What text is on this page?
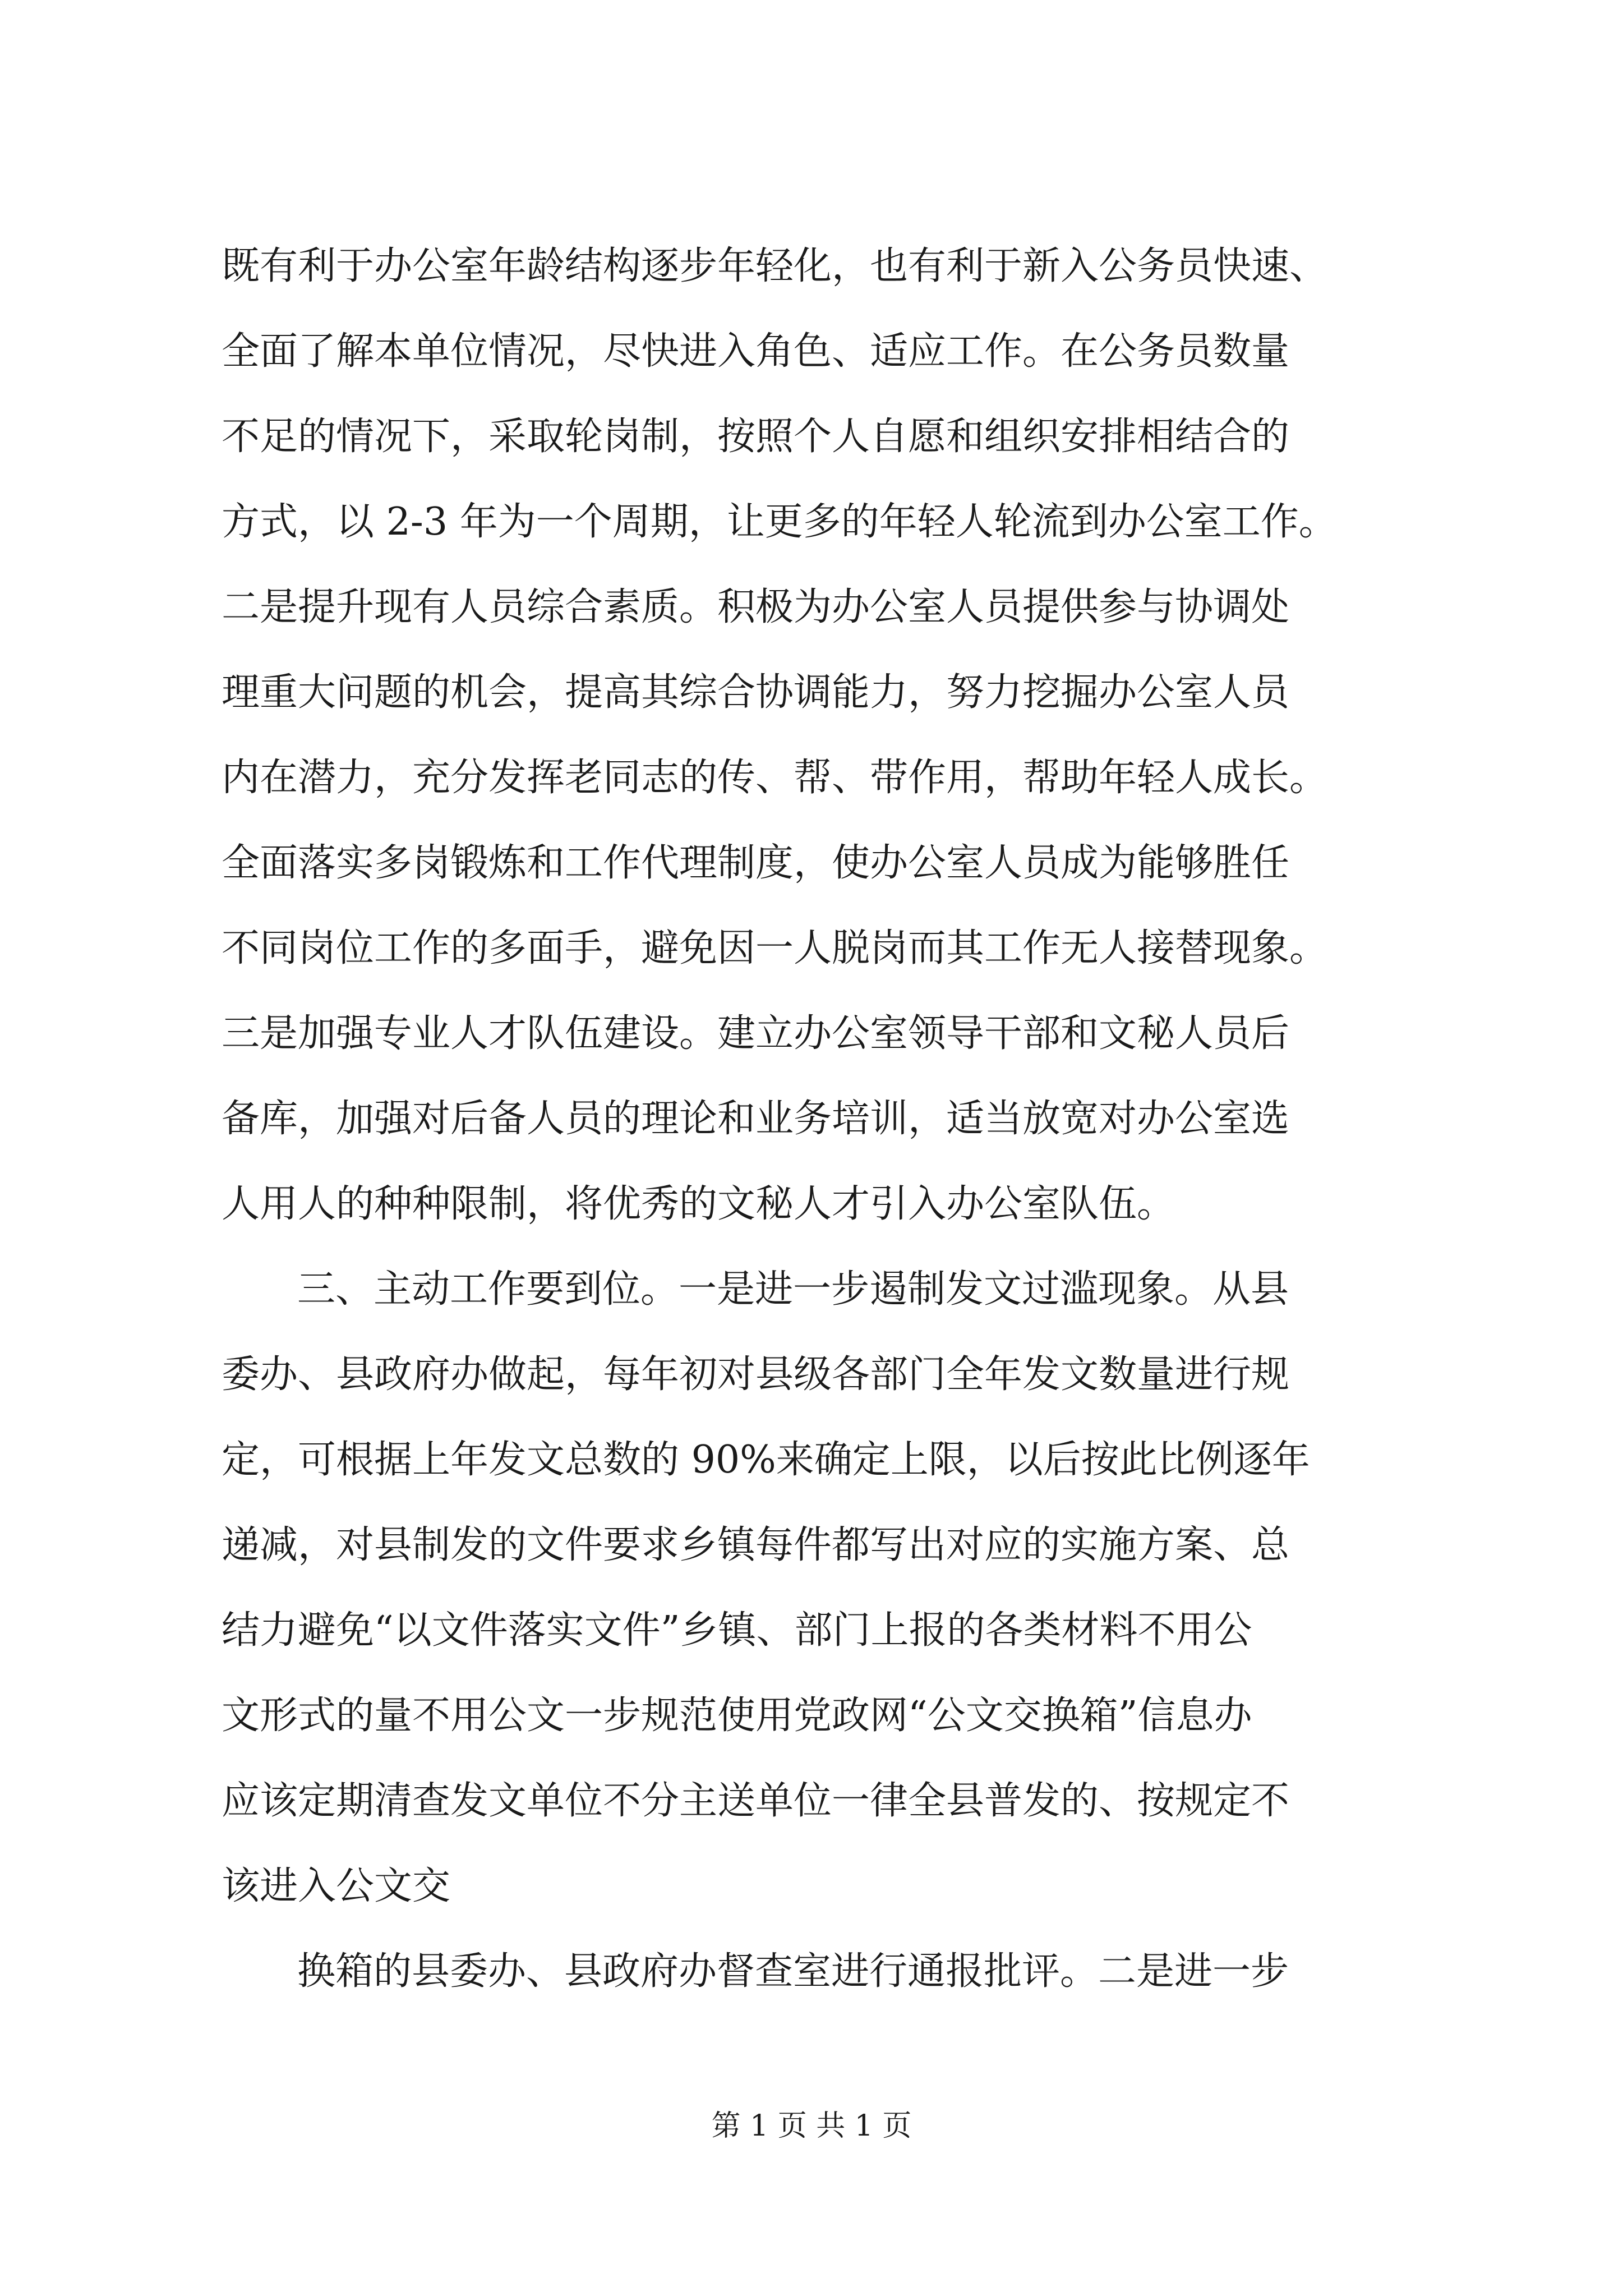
既有利于办公室年龄结构逐步年轻化，也有利于新入公务员快速、
全面了解本单位情况，尽快进入角色、适应工作。在公务员数量
不足的情况下，采取轮岗制，按照个人自愿和组织安排相结合的
方式，以 2-3 年为一个周期，让更多的年轻人轮流到办公室工作。
二是提升现有人员综合素质。积极为办公室人员提供参与协调处
理重大问题的机会，提高其综合协调能力，努力挖掘办公室人员
内在潜力，充分发挥老同志的传、帮、带作用，帮助年轻人成长。
全面落实多岗锻炼和工作代理制度，使办公室人员成为能够胜任
不同岗位工作的多面手，避免因一人脱岗而其工作无人接替现象。
三是加强专业人才队伍建设。建立办公室领导干部和文秘人员后
备库，加强对后备人员的理论和业务培训，适当放宽对办公室选
人用人的种种限制，将优秀的文秘人才引入办公室队伍。
三、主动工作要到位。一是进一步遏制发文过滥现象。从县
委办、县政府办做起，每年初对县级各部门全年发文数量进行规
定，可根据上年发文总数的 90%来确定上限，以后按此比例逐年
递减，对县制发的文件要求乡镇每件都写出对应的实施方案、总
结力避免“以文件落实文件”乡镇、部门上报的各类材料不用公
文形式的量不用公文一步规范使用党政网“公文交换箱”信息办
应该定期清查发文单位不分主送单位一律全县普发的、按规定不
该进入公文交
换箱的县委办、县政府办督查室进行通报批评。二是进一步
第 1 页 共 1 页
